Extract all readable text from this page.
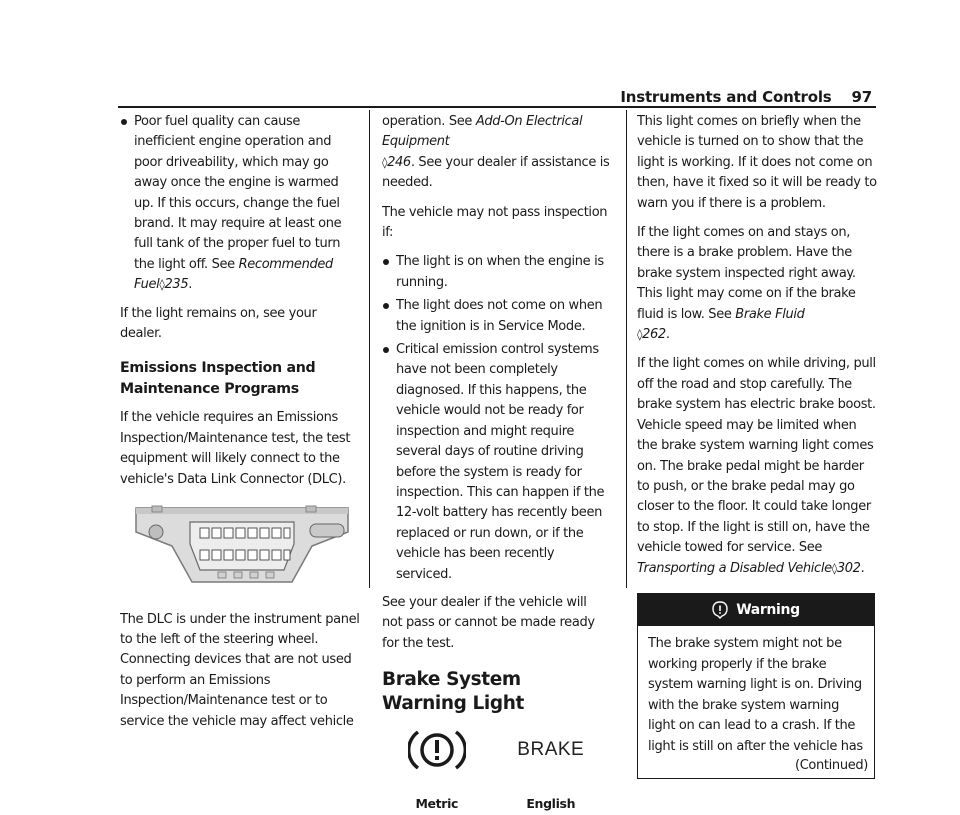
Instruments and Controls 97

Poor fuel quality can cause inefficient engine operation and poor driveability, which may go away once the engine is warmed up. If this occurs, change the fuel brand. It may require at least one full tank of the proper fuel to turn the light off. See Recommended Fuel◊235.

If the light remains on, see your dealer.

Emissions Inspection and Maintenance Programs

If the vehicle requires an Emissions Inspection/Maintenance test, the test equipment will likely connect to the vehicle's Data Link Connector (DLC).

The DLC is under the instrument panel to the left of the steering wheel. Connecting devices that are not used to perform an Emissions Inspection/Maintenance test or to service the vehicle may affect vehicle

operation. See Add-On Electrical Equipment
◊246. See your dealer if assistance is needed.

The vehicle may not pass inspection if:

The light is on when the engine is running.

The light does not come on when the ignition is in Service Mode.

Critical emission control systems have not been completely diagnosed. If this happens, the vehicle would not be ready for inspection and might require several days of routine driving before the system is ready for inspection. This can happen if the 12-volt battery has recently been replaced or run down, or if the vehicle has been recently serviced.

See your dealer if the vehicle will not pass or cannot be made ready for the test.

Brake System Warning Light
Metric
BRAKE
English

This light comes on briefly when the vehicle is turned on to show that the light is working. If it does not come on then, have it fixed so it will be ready to warn you if there is a problem.

If the light comes on and stays on, there is a brake problem. Have the brake system inspected right away. This light may come on if the brake fluid is low. See Brake Fluid
◊262.

If the light comes on while driving, pull off the road and stop carefully. The brake system has electric brake boost. Vehicle speed may be limited when the brake system warning light comes on. The brake pedal might be harder to push, or the brake pedal may go closer to the floor. It could take longer to stop. If the light is still on, have the vehicle towed for service. See Transporting a Disabled Vehicle◊302.

Warning
The brake system might not be working properly if the brake system warning light is on. Driving with the brake system warning light on can lead to a crash. If the light is still on after the vehicle has
(Continued)
